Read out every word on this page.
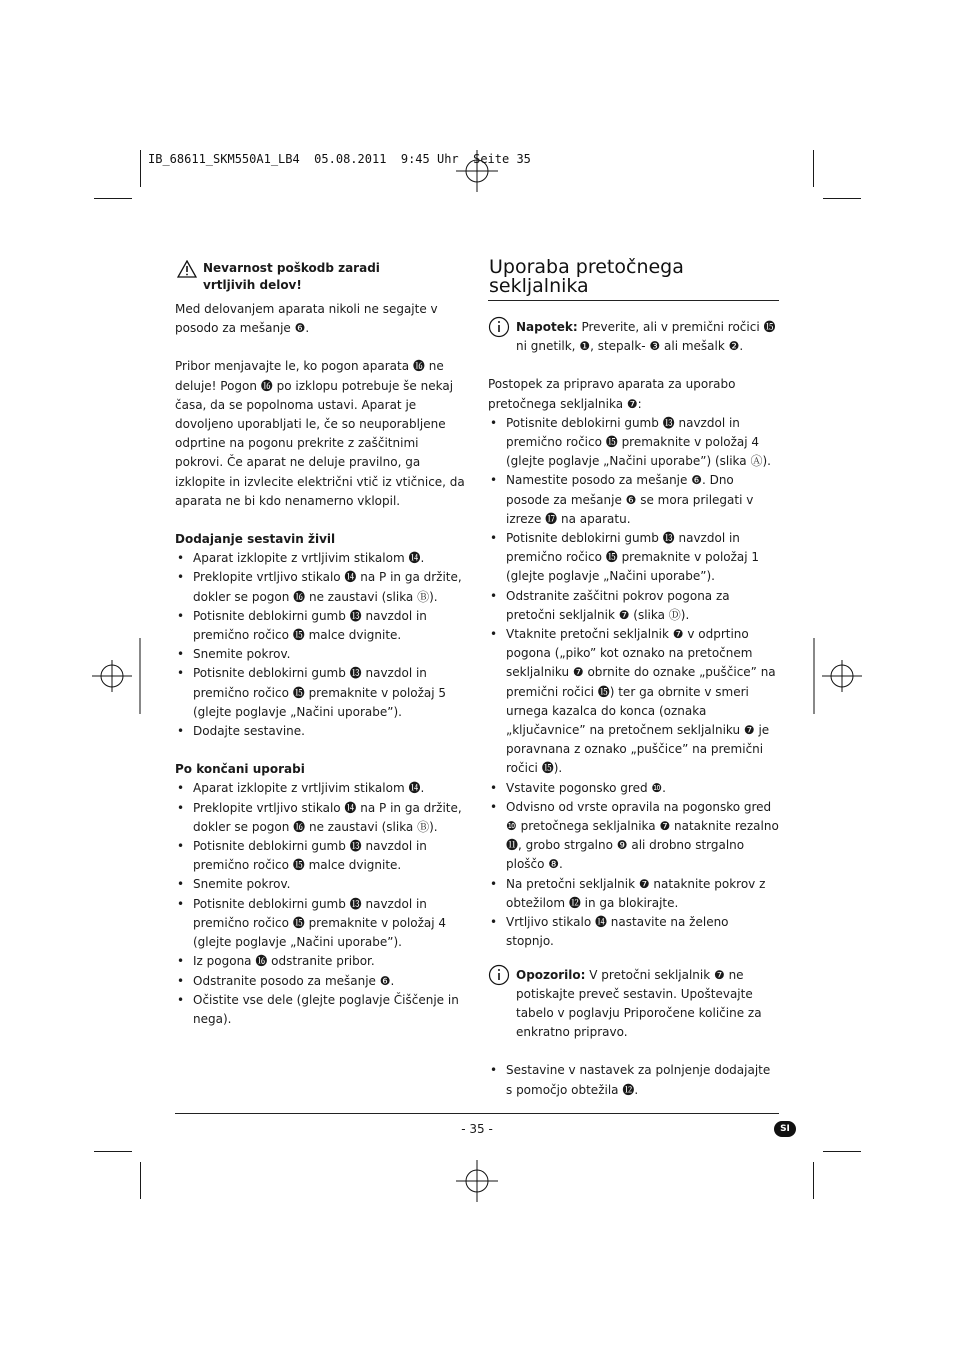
IB_68611_SKM550A1_LB4  05.08.2011  9:45 Uhr  Seite 35
Nevarnost poškodb zaradi
vrtljivih delov!

Med delovanjem aparata nikoli ne segajte v posodo za mešanje ❻.

Pribor menjavajte le, ko pogon aparata ⓰ ne deluje! Pogon ⓰ po izklopu potrebuje še nekaj časa, da se popolnoma ustavi. Aparat je dovoljeno uporabljati le, če so neuporabljene odprtine na pogonu prekrite z zaščitnimi pokrovi. Če aparat ne deluje pravilno, ga izklopite in izvlecite električni vtič iz vtičnice, da aparata ne bi kdo nenamerno vklopil.

Dodajanje sestavin živil

• Aparat izklopite z vrtljivim stikalom ⓮.
• Preklopite vrtljivo stikalo ⓮ na P in ga držite, dokler se pogon ⓰ ne zaustavi (slika Ⓑ).
• Potisnite deblokirni gumb ⓭ navzdol in premično ročico ⓯ malce dvignite.
• Snemite pokrov.
• Potisnite deblokirni gumb ⓭ navzdol in premično ročico ⓯ premaknite v položaj 5 (glejte poglavje „Načini uporabe”).
• Dodajte sestavine.

Po končani uporabi

• Aparat izklopite z vrtljivim stikalom ⓮.
• Preklopite vrtljivo stikalo ⓮ na P in ga držite, dokler se pogon ⓰ ne zaustavi (slika Ⓑ).
• Potisnite deblokirni gumb ⓭ navzdol in premično ročico ⓯ malce dvignite.
• Snemite pokrov.
• Potisnite deblokirni gumb ⓭ navzdol in premično ročico ⓯ premaknite v položaj 4 (glejte poglavje „Načini uporabe”).
• Iz pogona ⓰ odstranite pribor.
• Odstranite posodo za mešanje ❻.
• Očistite vse dele (glejte poglavje Čiščenje in nega).
Uporaba pretočnega
sekljalnika
Napotek: Preverite, ali v premični ročici ⓯ ni gnetilk, ❶, stepalk- ❸ ali mešalk ❷.

Postopek za pripravo aparata za uporabo pretočnega sekljalnika ❼:

• Potisnite deblokirni gumb ⓭ navzdol in premično ročico ⓯ premaknite v položaj 4 (glejte poglavje „Načini uporabe”) (slika Ⓐ).
• Namestite posodo za mešanje ❻. Dno posode za mešanje ❻ se mora prilegati v izreze ⓱ na aparatu.
• Potisnite deblokirni gumb ⓭ navzdol in premično ročico ⓯ premaknite v položaj 1 (glejte poglavje „Načini uporabe”).
• Odstranite zaščitni pokrov pogona za pretočni sekljalnik ❼ (slika Ⓓ).
• Vtaknite pretočni sekljalnik ❼ v odprtino pogona („piko” kot oznako na pretočnem sekljalniku ❼ obrnite do oznake „puščice” na premični ročici ⓯) ter ga obrnite v smeri urnega kazalca do konca (oznaka „ključavnice” na pretočnem sekljalniku ❼ je poravnana z oznako „puščice” na premični ročici ⓯).
• Vstavite pogonsko gred ❿.
• Odvisno od vrste opravila na pogonsko gred ❿ pretočnega sekljalnika ❼ nataknite rezalno ⓫, grobo strgalno ❾ ali drobno strgalno ploščo ❽.
• Na pretočni sekljalnik ❼ nataknite pokrov z obtežilom ⓬ in ga blokirajte.
• Vrtljivo stikalo ⓮ nastavite na želeno stopnjo.
Opozorilo: V pretočni sekljalnik ❼ ne potiskajte preveč sestavin. Upoštevajte tabelo v poglavju Priporočene količine za enkratno pripravo.
• Sestavine v nastavek za polnjenje dodajajte s pomočjo obtežila ⓬.
- 35 -	SI
